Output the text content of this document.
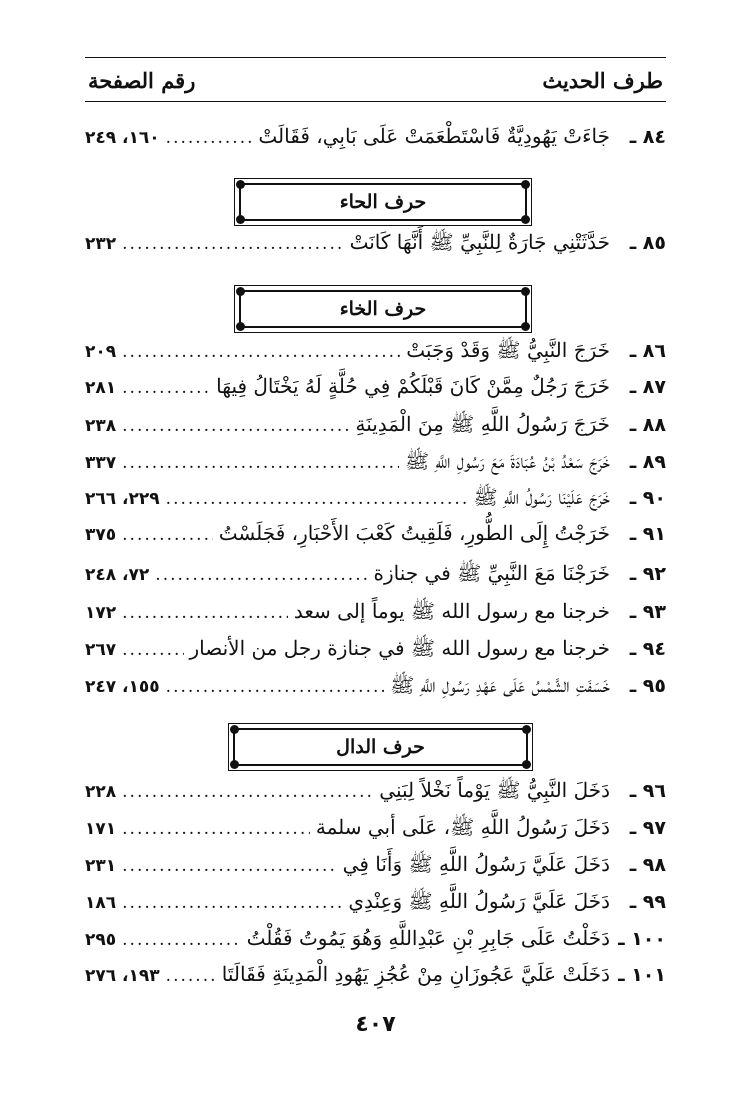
طرف الحديث
رقم الصفحة
١٦٠، ٢٤٩ .....	جَاءَتْ يَهُودِيَّةٌ فَاسْتَطْعَمَتْ عَلَى بَابِي، فَقَالَتْ	٨٤ ـ
حرف الحاء
٢٣٢ .....	حَدَّثَتْنِي جَارَةٌ لِلنَّبِيِّ ﷺ أَنَّهَا كَانَتْ	٨٥ ـ
حرف الخاء
٢٠٩ .....	خَرَجَ النَّبِيُّ ﷺ وَقَدْ وَجَبَتْ	٨٦ ـ
٢٨١ .....	خَرَجَ رَجُلٌ مِمَّنْ كَانَ قَبْلَكُمْ فِي حُلَّةٍ لَهُ يَخْتَالُ فِيهَا	٨٧ ـ
٢٣٨ .....	خَرَجَ رَسُولُ اللَّهِ ﷺ مِنَ الْمَدِينَةِ	٨٨ ـ
٣٣٧ .....	خَرَجَ سَعْدُ بْنُ عُبَادَةَ مَعَ رَسُولِ اللَّهِ ﷺ	٨٩ ـ
٢٢٩، ٢٦٦ .....	خَرَجَ عَلَيْنَا رَسُولُ اللَّهِ ﷺ	٩٠ ـ
٣٧٥ .....	خَرَجْتُ إِلَى الطُّورِ، فَلَقِيتُ كَعْبَ الأَحْبَارِ، فَجَلَسْتُ	٩١ ـ
٧٢، ٢٤٨ .....	خَرَجْنَا مَعَ النَّبِيِّ ﷺ في جنازة	٩٢ ـ
١٧٢ .....	خرجنا مع رسول الله ﷺ يوماً إلى سعد	٩٣ ـ
٢٦٧ .....	خرجنا مع رسول الله ﷺ في جنازة رجل من الأنصار	٩٤ ـ
١٥٥، ٢٤٧ .....	خَسَفَتِ الشَّمْسُ عَلَى عَهْدِ رَسُولِ اللَّهِ ﷺ	٩٥ ـ
حرف الدال
٢٢٨ .....	دَخَلَ النَّبِيُّ ﷺ يَوْماً نَخْلاً لِبَنِي	٩٦ ـ
١٧١ .....	دَخَلَ رَسُولُ اللَّهِ ﷺ، عَلَى أبي سلمة	٩٧ ـ
٢٣١ .....	دَخَلَ عَلَيَّ رَسُولُ اللَّهِ ﷺ وَأَنَا فِي	٩٨ ـ
١٨٦ .....	دَخَلَ عَلَيَّ رَسُولُ اللَّهِ ﷺ وَعِنْدِي	٩٩ ـ
٢٩٥ .....	دَخَلْتُ عَلَى جَابِرِ بْنِ عَبْدِاللَّهِ وَهُوَ يَمُوتُ فَقُلْتُ ١٠٠ ـ
١٩٣، ٢٧٦ .....	دَخَلَتْ عَلَيَّ عَجُوزَانِ مِنْ عُجُزِ يَهُودِ الْمَدِينَةِ فَقَالَتَا ١٠١ ـ
٤٠٧
